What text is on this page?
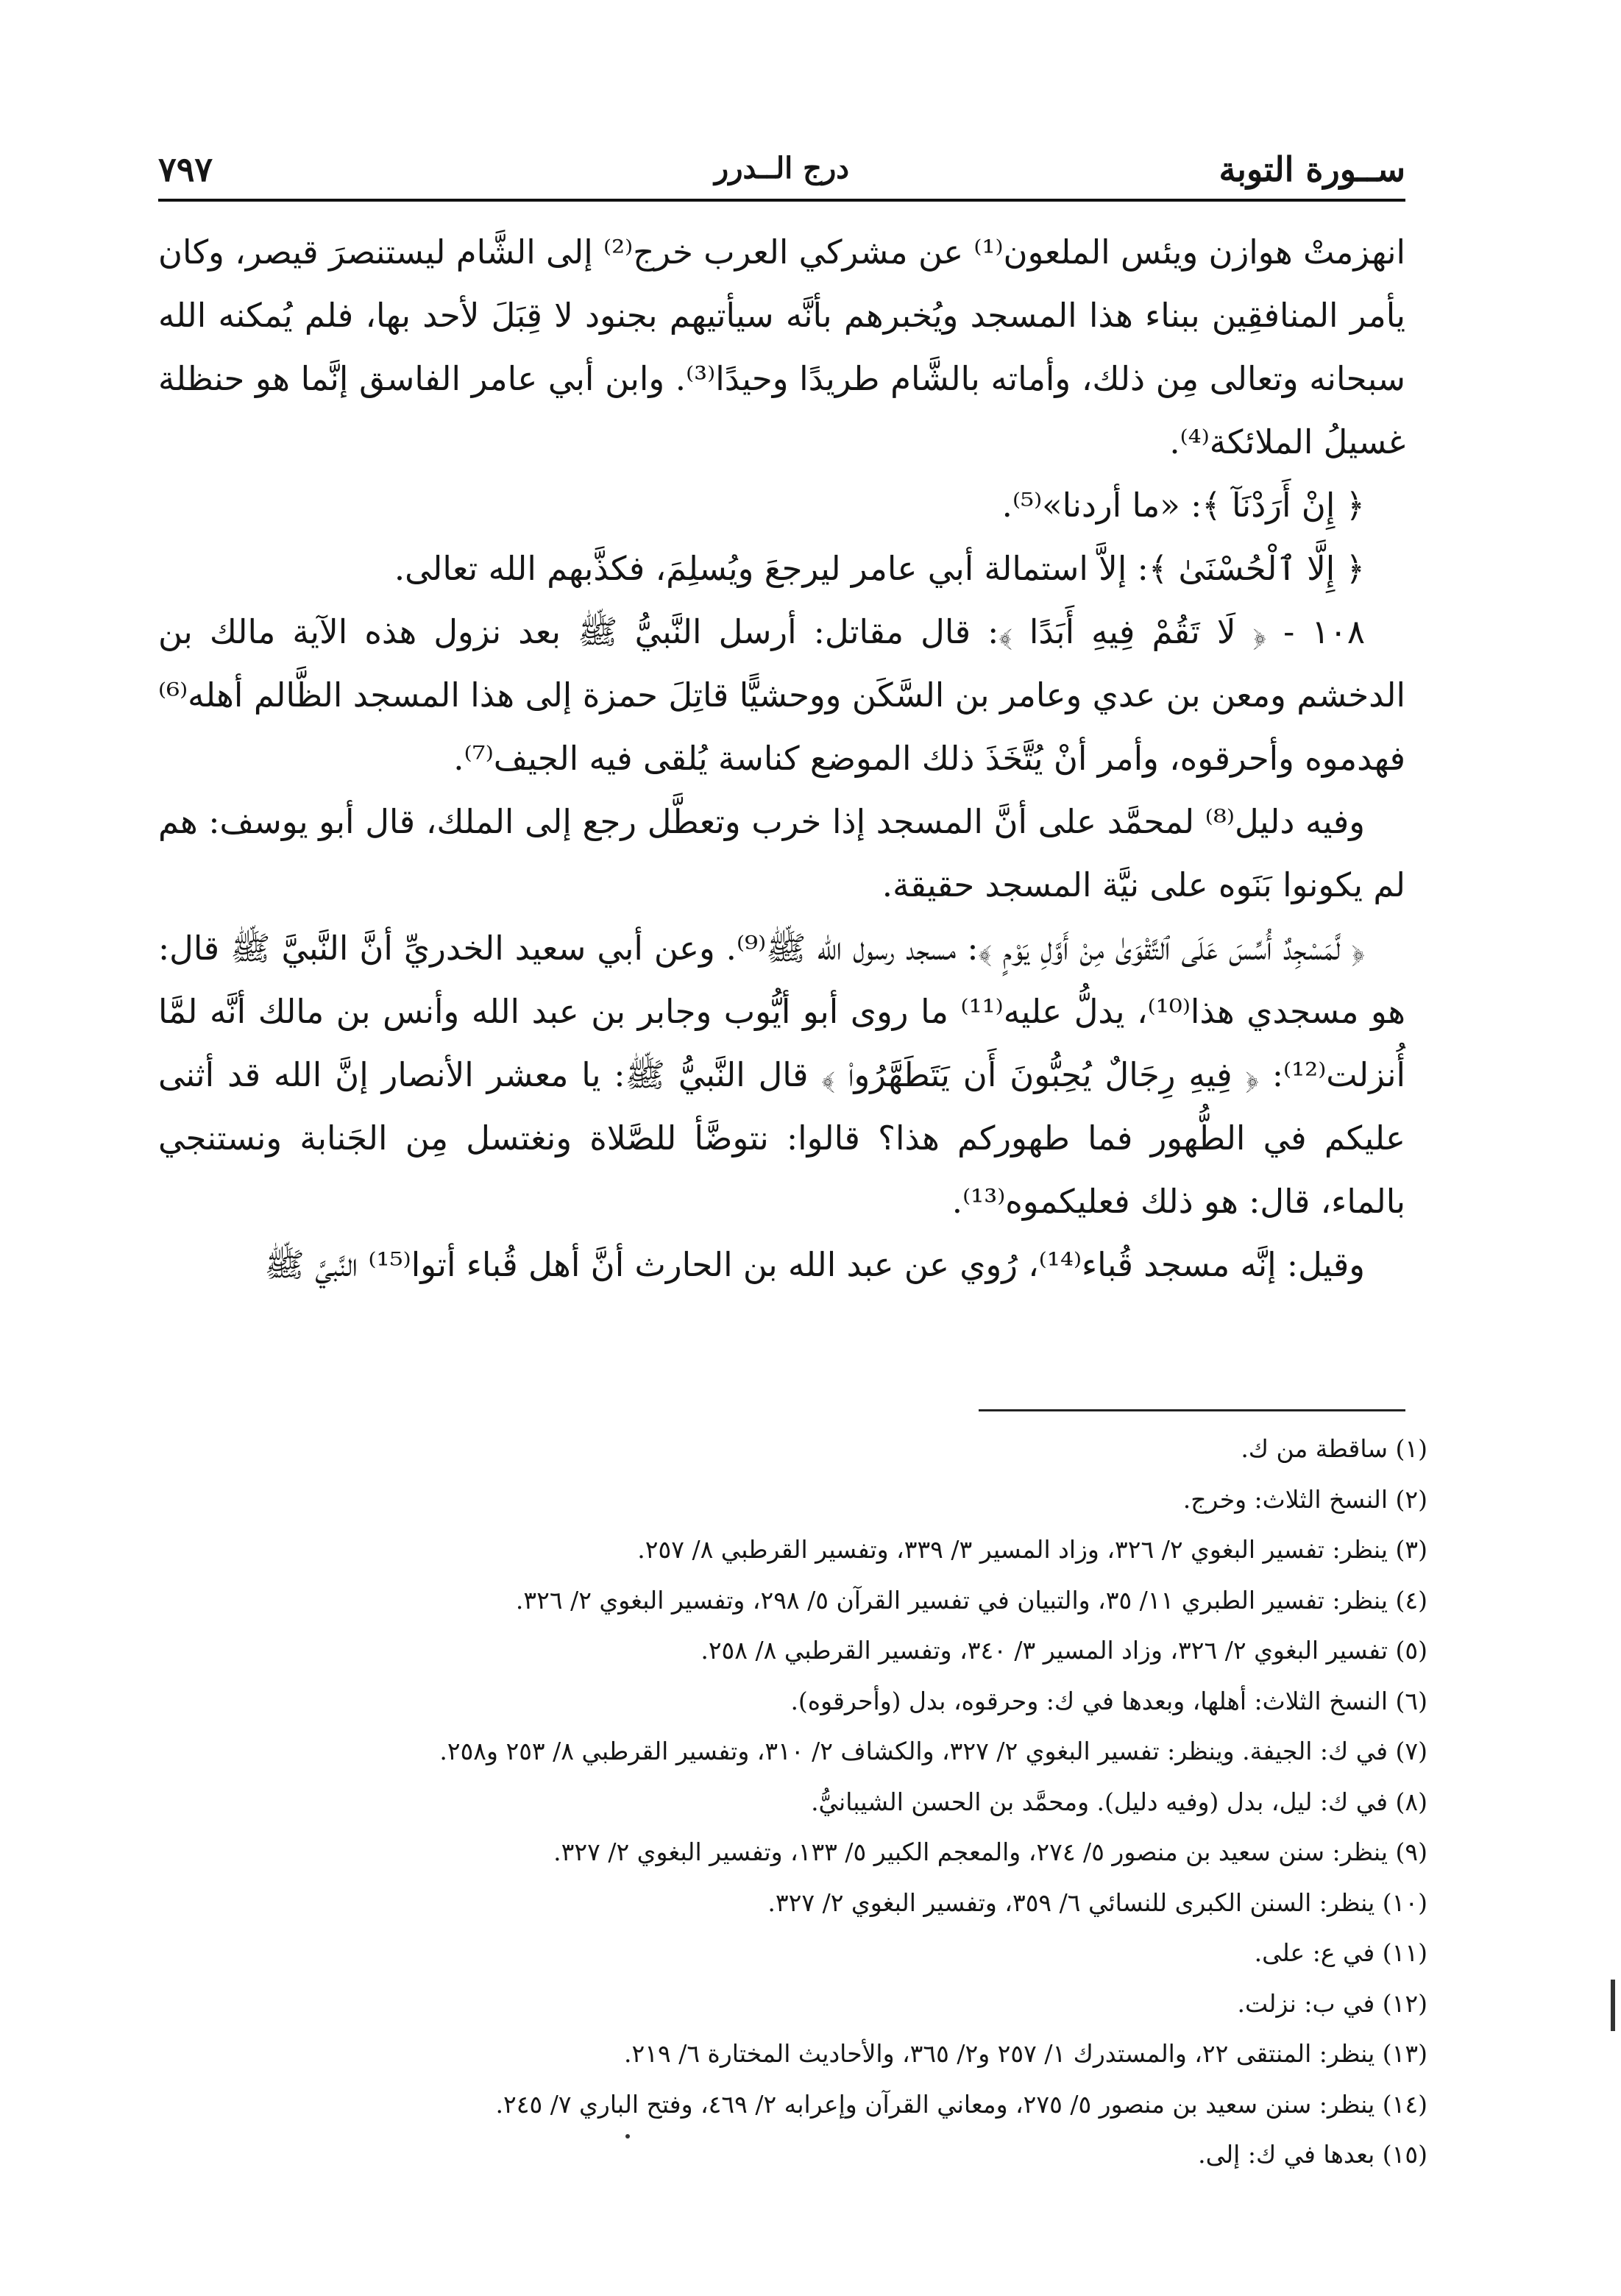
ســورة التوبة
درج الــدرر
٧٩٧

انهزمتْ هوازن ويئس الملعون⁽¹⁾ عن مشركي العرب خرج⁽²⁾ إلى الشَّام ليستنصرَ قيصر، وكان يأمر المنافقِين ببناء هذا المسجد ويُخبرهم بأنَّه سيأتيهم بجنود لا قِبَلَ لأحد بها، فلم يُمكنه الله سبحانه وتعالى مِن ذلك، وأماته بالشَّام طريدًا وحيدًا⁽³⁾. وابن أبي عامر الفاسق إنَّما هو حنظلة غسيلُ الملائكة⁽⁴⁾.

﴿ إِنْ أَرَدْنَآ ﴾: «ما أردنا»⁽⁵⁾.

﴿ إِلَّا ٱلْحُسْنَىٰ ﴾: إلاَّ استمالة أبي عامر ليرجعَ ويُسلِمَ، فكذَّبهم الله تعالى.

١٠٨ - ﴿ لَا تَقُمْ فِيهِ أَبَدًا ﴾: قال مقاتل: أرسل النَّبيُّ ﷺ بعد نزول هذه الآية مالك بن الدخشم ومعن بن عدي وعامر بن السَّكَن ووحشيًّا قاتِلَ حمزة إلى هذا المسجد الظَّالم أهله⁽⁶⁾ فهدموه وأحرقوه، وأمر أنْ يُتَّخَذَ ذلك الموضع كناسة يُلقى فيه الجيف⁽⁷⁾.

وفيه دليل⁽⁸⁾ لمحمَّد على أنَّ المسجد إذا خرب وتعطَّل رجع إلى الملك، قال أبو يوسف: هم لم يكونوا بَنَوه على نيَّة المسجد حقيقة.

﴿ لَّمَسْجِدٌ أُسِّسَ عَلَى ٱلتَّقْوَىٰ مِنْ أَوَّلِ يَوْمٍ ﴾: مسجد رسول الله ﷺ⁽⁹⁾. وعن أبي سعيد الخدريِّ أنَّ النَّبيَّ ﷺ قال: هو مسجدي هذا⁽¹⁰⁾، يدلُّ عليه⁽¹¹⁾ ما روى أبو أيُّوب وجابر بن عبد الله وأنس بن مالك أنَّه لمَّا أُنزلت⁽¹²⁾: ﴿ فِيهِ رِجَالٌ يُحِبُّونَ أَن يَتَطَهَّرُوا۟ ﴾ قال النَّبيُّ ﷺ: يا معشر الأنصار إنَّ الله قد أثنى عليكم في الطُّهور فما طهوركم هذا؟ قالوا: نتوضَّأ للصَّلاة ونغتسل مِن الجَنابة ونستنجي بالماء، قال: هو ذلك فعليكموه⁽¹³⁾.

وقيل: إنَّه مسجد قُباء⁽¹⁴⁾، رُوي عن عبد الله بن الحارث أنَّ أهل قُباء أتوا⁽¹⁵⁾ النَّبيَّ ﷺ

(١) ساقطة من ك.

(٢) النسخ الثلاث: وخرج.

(٣) ينظر: تفسير البغوي ٢/ ٣٢٦، وزاد المسير ٣/ ٣٣٩، وتفسير القرطبي ٨/ ٢٥٧.

(٤) ينظر: تفسير الطبري ١١/ ٣٥، والتبيان في تفسير القرآن ٥/ ٢٩٨، وتفسير البغوي ٢/ ٣٢٦.

(٥) تفسير البغوي ٢/ ٣٢٦، وزاد المسير ٣/ ٣٤٠، وتفسير القرطبي ٨/ ٢٥٨.

(٦) النسخ الثلاث: أهلها، وبعدها في ك: وحرقوه، بدل (وأحرقوه).

(٧) في ك: الجيفة. وينظر: تفسير البغوي ٢/ ٣٢٧، والكشاف ٢/ ٣١٠، وتفسير القرطبي ٨/ ٢٥٣ و٢٥٨.

(٨) في ك: ليل، بدل (وفيه دليل). ومحمَّد بن الحسن الشيبانيُّ.

(٩) ينظر: سنن سعيد بن منصور ٥/ ٢٧٤، والمعجم الكبير ٥/ ١٣٣، وتفسير البغوي ٢/ ٣٢٧.

(١٠) ينظر: السنن الكبرى للنسائي ٦/ ٣٥٩، وتفسير البغوي ٢/ ٣٢٧.

(١١) في ع: على.

(١٢) في ب: نزلت.

(١٣) ينظر: المنتقى ٢٢، والمستدرك ١/ ٢٥٧ و٢/ ٣٦٥، والأحاديث المختارة ٦/ ٢١٩.

(١٤) ينظر: سنن سعيد بن منصور ٥/ ٢٧٥، ومعاني القرآن وإعرابه ٢/ ٤٦٩، وفتح الباري ٧/ ٢٤٥.

(١٥) بعدها في ك: إلى.
